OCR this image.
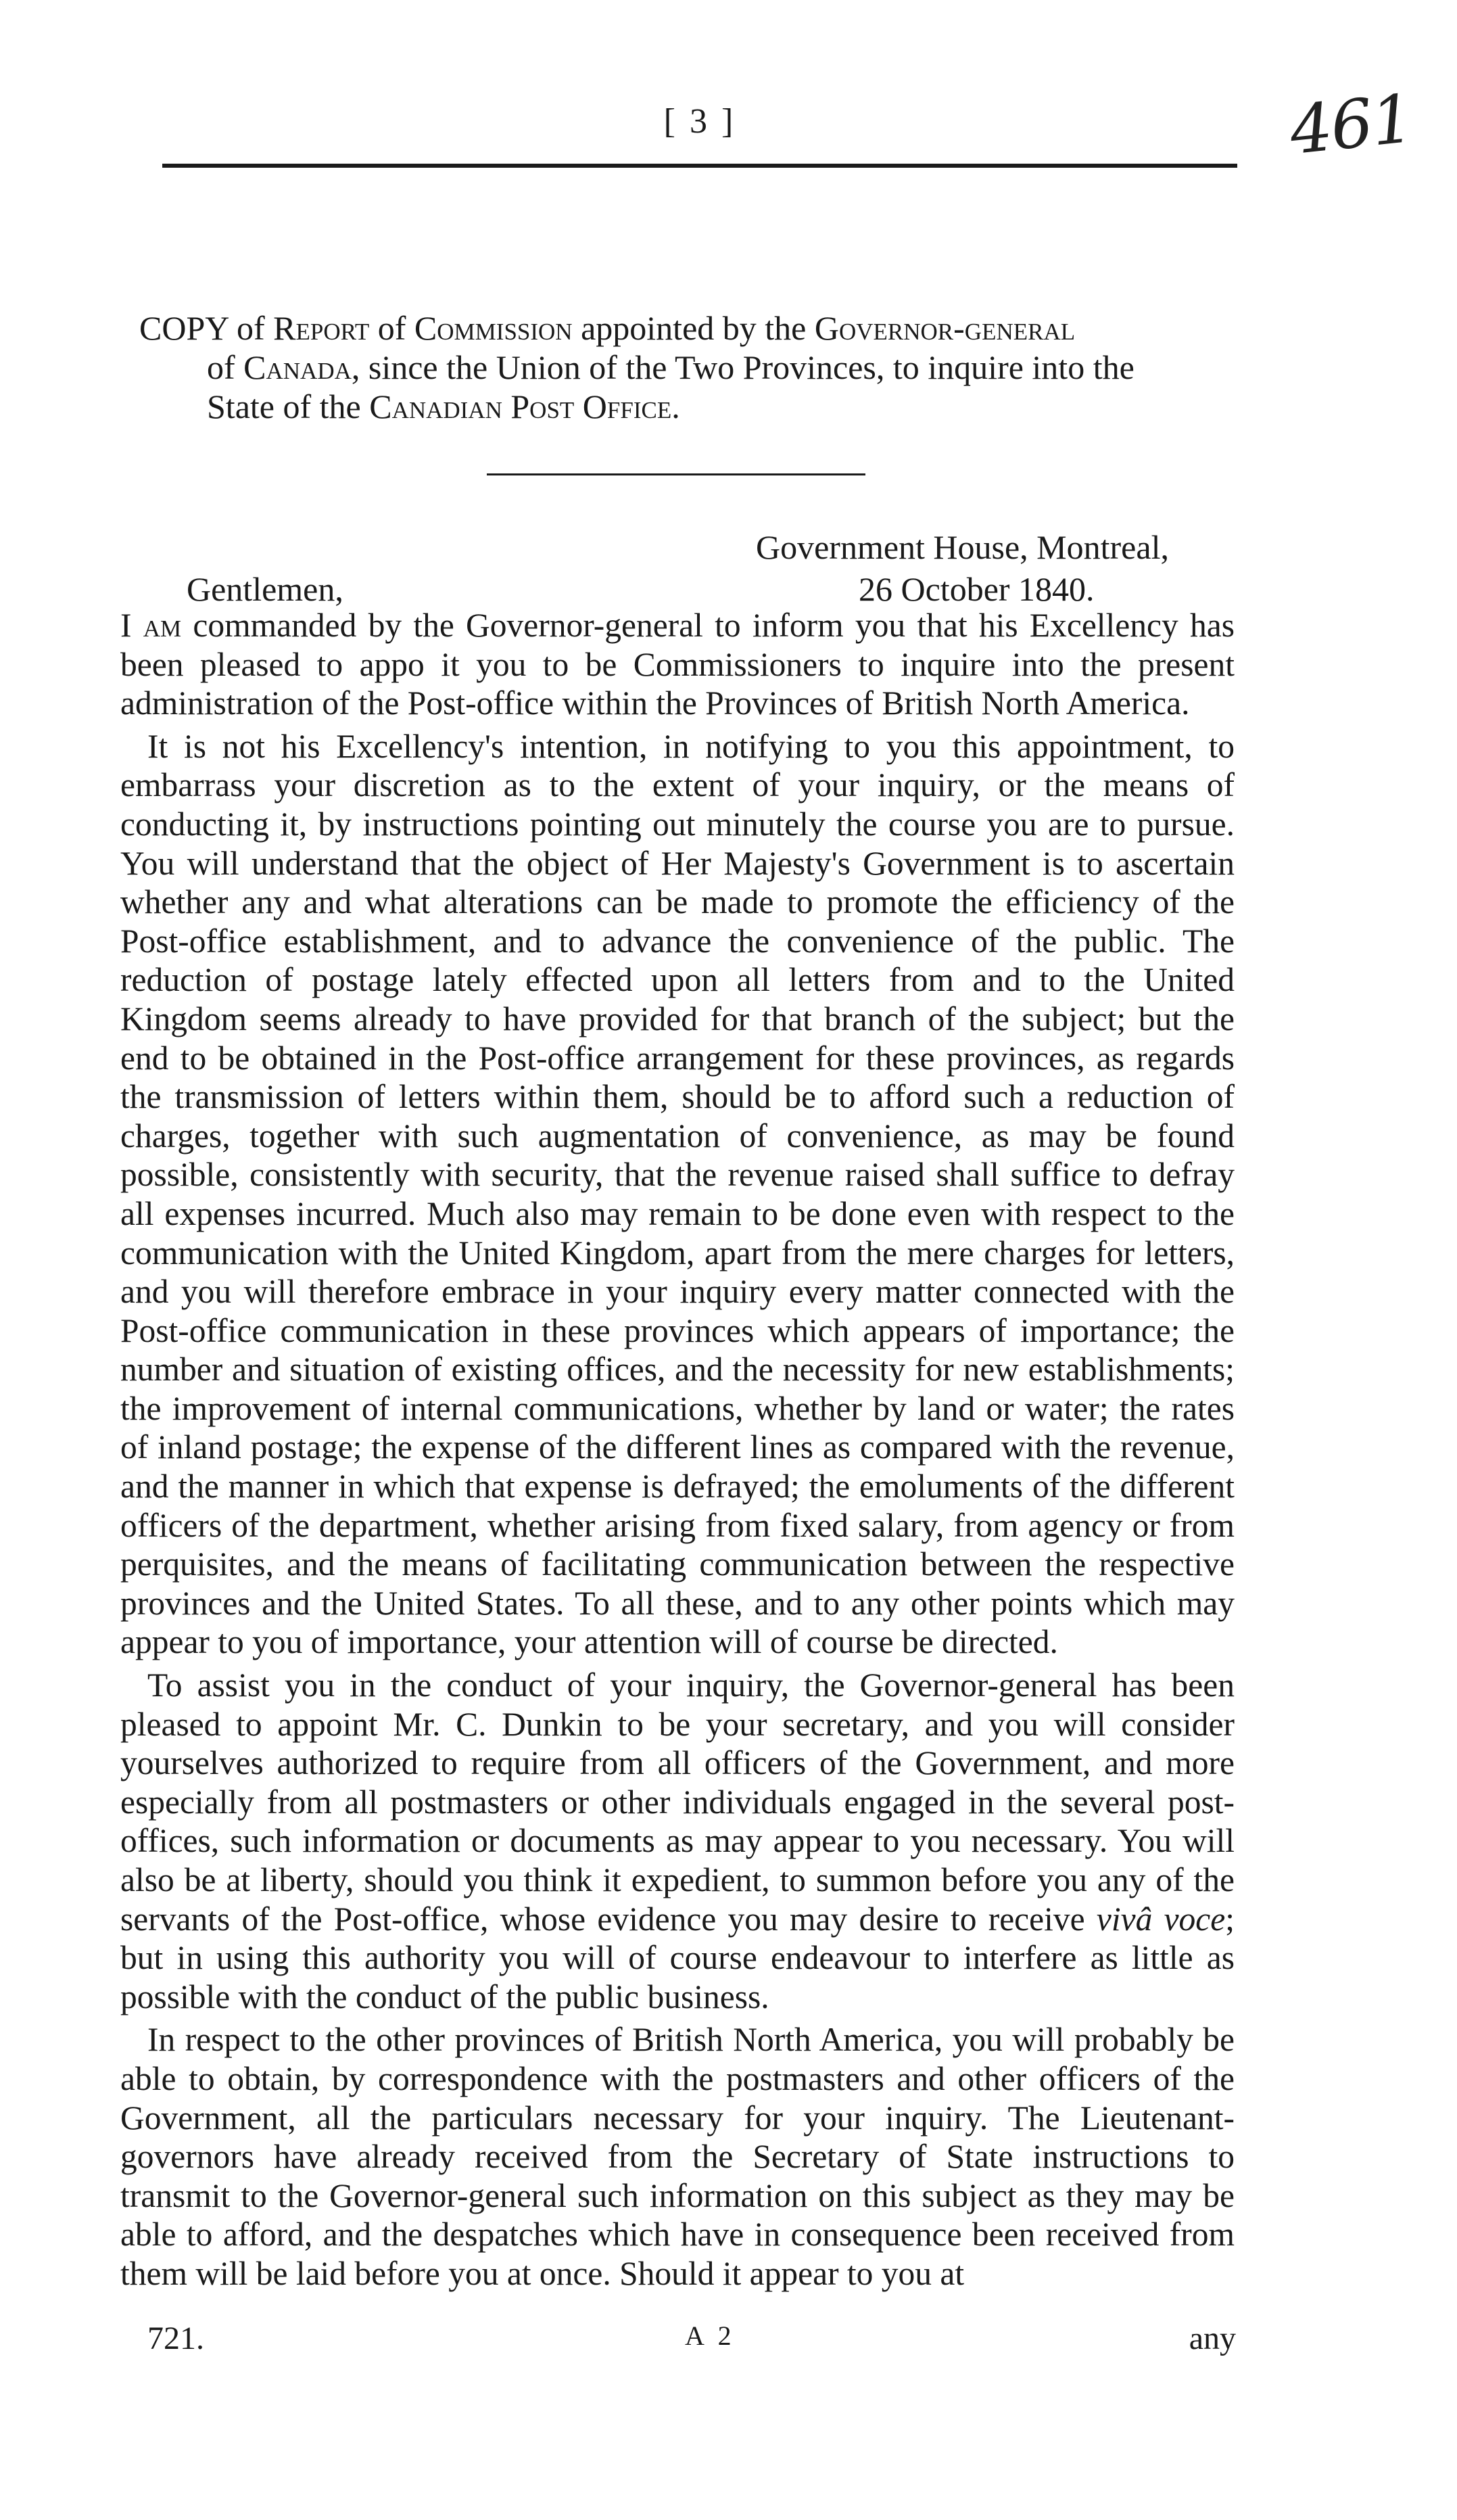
[ 3 ]	461
COPY of Report of Commission appointed by the Governor-general
of Canada, since the Union of the Two Provinces, to inquire into the
State of the Canadian Post Office.
Government House, Montreal,
Gentlemen,	26 October 1840.

I am commanded by the Governor-general to inform you that his Excellency has been pleased to appo​ it you to be Commissioners to inquire into the present administration of the Post-office within the Provinces of British North America.

It is not his Excellency's intention, in notifying to you this appointment, to embarrass your discretion as to the extent of your inquiry, or the means of conducting it, by instructions pointing out minutely the course you are to pursue. You will understand that the object of Her Majesty's Government is to ascertain whether any and what alterations can be made to promote the efficiency of the Post-office establishment, and to advance the convenience of the public. The reduction of postage lately effected upon all letters from and to the United Kingdom seems already to have provided for that branch of the subject; but the end to be obtained in the Post-office arrangement for these provinces, as regards the transmission of letters within them, should be to afford such a reduction of charges, together with such augmentation of convenience, as may be found possible, consistently with security, that the revenue raised shall suffice to defray all expenses incurred. Much also may remain to be done even with respect to the communication with the United Kingdom, apart from the mere charges for letters, and you will therefore embrace in your inquiry every matter connected with the Post-office communication in these provinces which appears of importance; the number and situation of existing offices, and the necessity for new establishments; the improvement of internal communications, whether by land or water; the rates of inland postage; the expense of the different lines as compared with the revenue, and the manner in which that expense is defrayed; the emoluments of the different officers of the department, whether arising from fixed salary, from agency or from perquisites, and the means of facilitating communication between the respective provinces and the United States. To all these, and to any other points which may appear to you of importance, your attention will of course be directed.

To assist you in the conduct of your inquiry, the Governor-general has been pleased to appoint Mr. C. Dunkin to be your secretary, and you will consider yourselves authorized to require from all officers of the Government, and more especially from all postmasters or other individuals engaged in the several post-offices, such information or documents as may appear to you necessary. You will also be at liberty, should you think it expedient, to summon before you any of the servants of the Post-office, whose evidence you may desire to receive vivâ voce; but in using this authority you will of course endeavour to interfere as little as possible with the conduct of the public business.

In respect to the other provinces of British North America, you will probably be able to obtain, by correspondence with the postmasters and other officers of the Government, all the particulars necessary for your inquiry. The Lieutenant-governors have already received from the Secretary of State instructions to transmit to the Governor-general such information on this subject as they may be able to afford, and the despatches which have in consequence been received from them will be laid before you at once. Should it appear to you at

721.	A 2	any
